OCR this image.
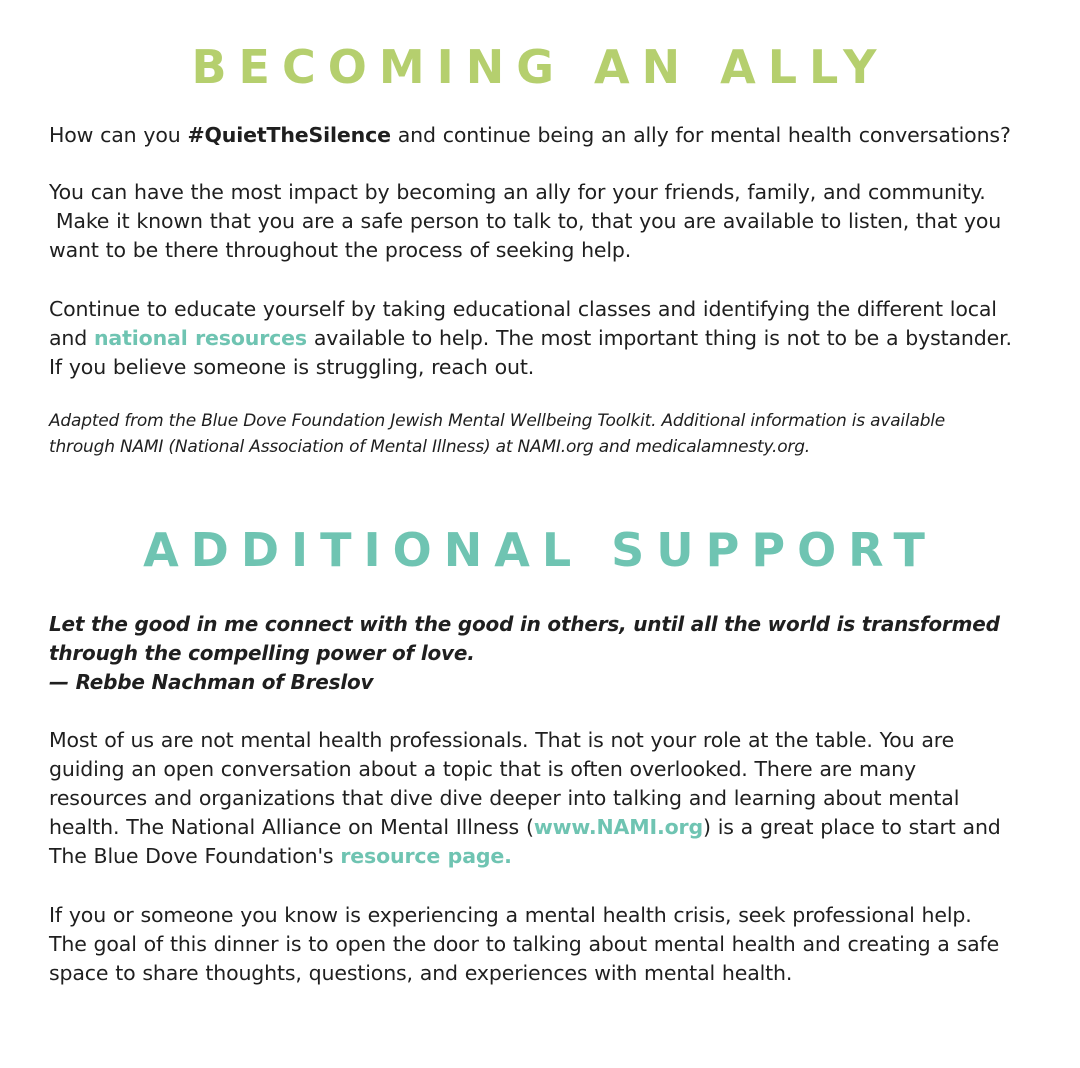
BECOMING AN ALLY

How can you #QuietTheSilence and continue being an ally for mental health conversations?

You can have the most impact by becoming an ally for your friends, family, and community.
Make it known that you are a safe person to talk to, that you are available to listen, that you
want to be there throughout the process of seeking help.

Continue to educate yourself by taking educational classes and identifying the different local
and national resources available to help. The most important thing is not to be a bystander.
If you believe someone is struggling, reach out.

Adapted from the Blue Dove Foundation Jewish Mental Wellbeing Toolkit. Additional information is available
through NAMI (National Association of Mental Illness) at NAMI.org and medicalamnesty.org.

ADDITIONAL SUPPORT

Let the good in me connect with the good in others, until all the world is transformed
through the compelling power of love.
— Rebbe Nachman of Breslov

Most of us are not mental health professionals. That is not your role at the table. You are
guiding an open conversation about a topic that is often overlooked. There are many
resources and organizations that dive dive deeper into talking and learning about mental
health. The National Alliance on Mental Illness (www.NAMI.org) is a great place to start and
The Blue Dove Foundation's resource page.

If you or someone you know is experiencing a mental health crisis, seek professional help.
The goal of this dinner is to open the door to talking about mental health and creating a safe
space to share thoughts, questions, and experiences with mental health.
